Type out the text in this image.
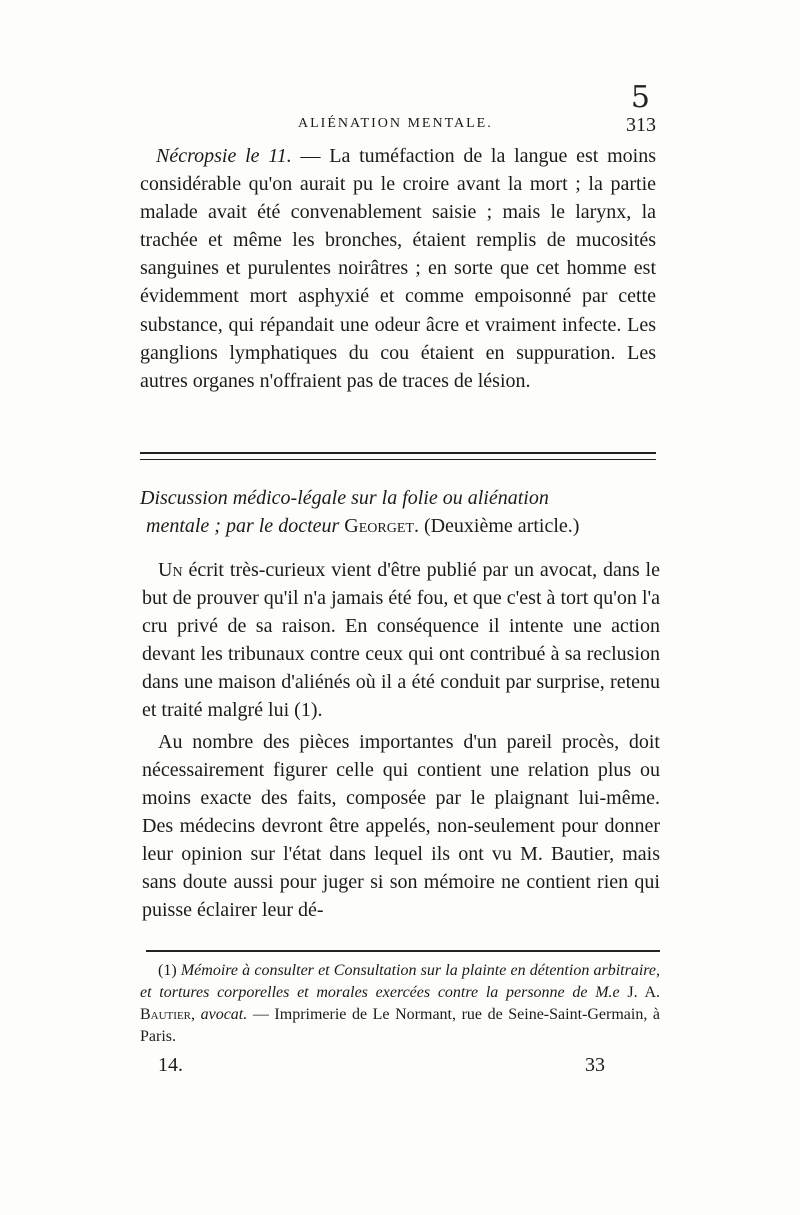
ALIÉNATION MENTALE.
5
313

Nécropsie le 11. — La tuméfaction de la langue est moins considérable qu'on aurait pu le croire avant la mort ; la partie malade avait été convenablement saisie ; mais le larynx, la trachée et même les bronches, étaient remplis de mucosités sanguines et purulentes noirâtres ; en sorte que cet homme est évidemment mort asphyxié et comme empoisonné par cette substance, qui répandait une odeur âcre et vraiment infecte. Les ganglions lymphatiques du cou étaient en suppuration. Les autres organes n'offraient pas de traces de lésion.

Discussion médico-légale sur la folie ou aliénation
mentale ; par le docteur Georget. (Deuxième article.)

Un écrit très-curieux vient d'être publié par un avocat, dans le but de prouver qu'il n'a jamais été fou, et que c'est à tort qu'on l'a cru privé de sa raison. En conséquence il intente une action devant les tribunaux contre ceux qui ont contribué à sa reclusion dans une maison d'aliénés où il a été conduit par surprise, retenu et traité malgré lui (1).

Au nombre des pièces importantes d'un pareil procès, doit nécessairement figurer celle qui contient une relation plus ou moins exacte des faits, composée par le plaignant lui-même. Des médecins devront être appelés, non-seulement pour donner leur opinion sur l'état dans lequel ils ont vu M. Bautier, mais sans doute aussi pour juger si son mémoire ne contient rien qui puisse éclairer leur dé-

(1) Mémoire à consulter et Consultation sur la plainte en détention arbitraire, et tortures corporelles et morales exercées contre la personne de M.e J. A. Bautier, avocat. — Imprimerie de Le Normant, rue de Seine-Saint-Germain, à Paris.

14.	33
